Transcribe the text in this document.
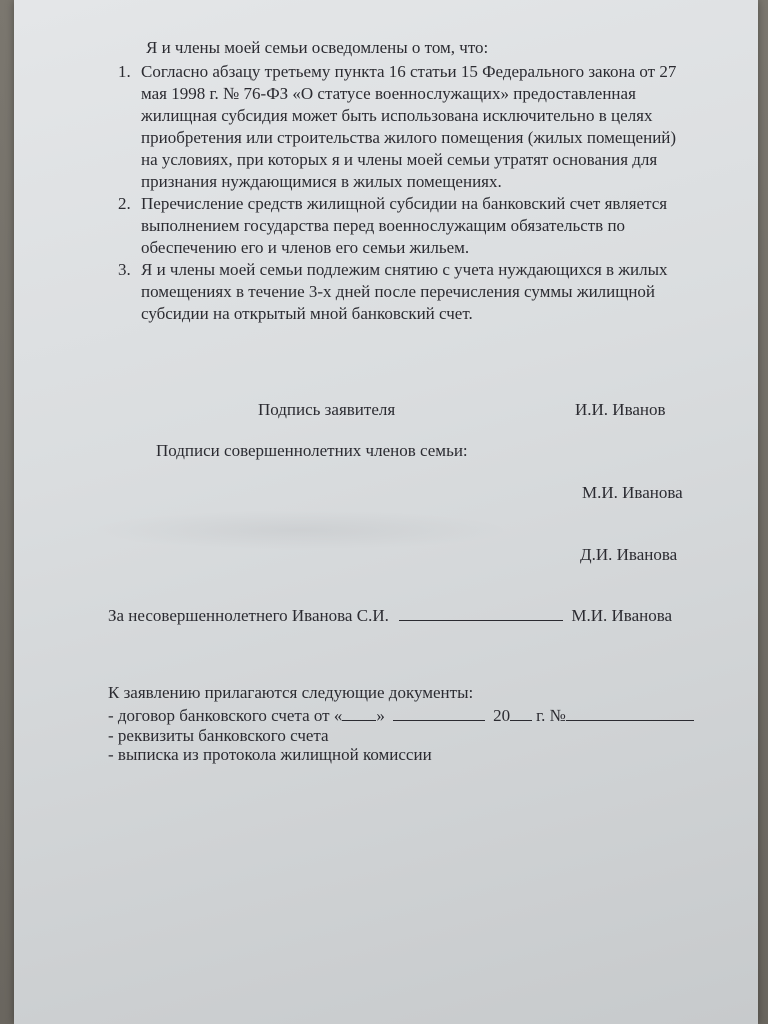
Я и члены моей семьи осведомлены о том, что:
1. Согласно абзацу третьему пункта 16 статьи 15 Федерального закона от 27
мая 1998 г. № 76-ФЗ «О статусе военнослужащих» предоставленная
жилищная субсидия может быть использована исключительно в целях
приобретения или строительства жилого помещения (жилых помещений)
на условиях, при которых я и члены моей семьи утратят основания для
признания нуждающимися в жилых помещениях.
2. Перечисление средств жилищной субсидии на банковский счет является
выполнением государства перед военнослужащим обязательств по
обеспечению его и членов его семьи жильем.
3. Я и члены моей семьи подлежим снятию с учета нуждающихся в жилых
помещениях в течение 3-х дней после перечисления суммы жилищной
субсидии на открытый мной банковский счет.
Подпись заявителя	И.И. Иванов
Подписи совершеннолетних членов семьи:
М.И. Иванова
Д.И. Иванова
За несовершеннолетнего Иванова С.И.	М.И. Иванова
К заявлению прилагаются следующие документы:
- договор банковского счета от « »	20 г. №
- реквизиты банковского счета
- выписка из протокола жилищной комиссии
